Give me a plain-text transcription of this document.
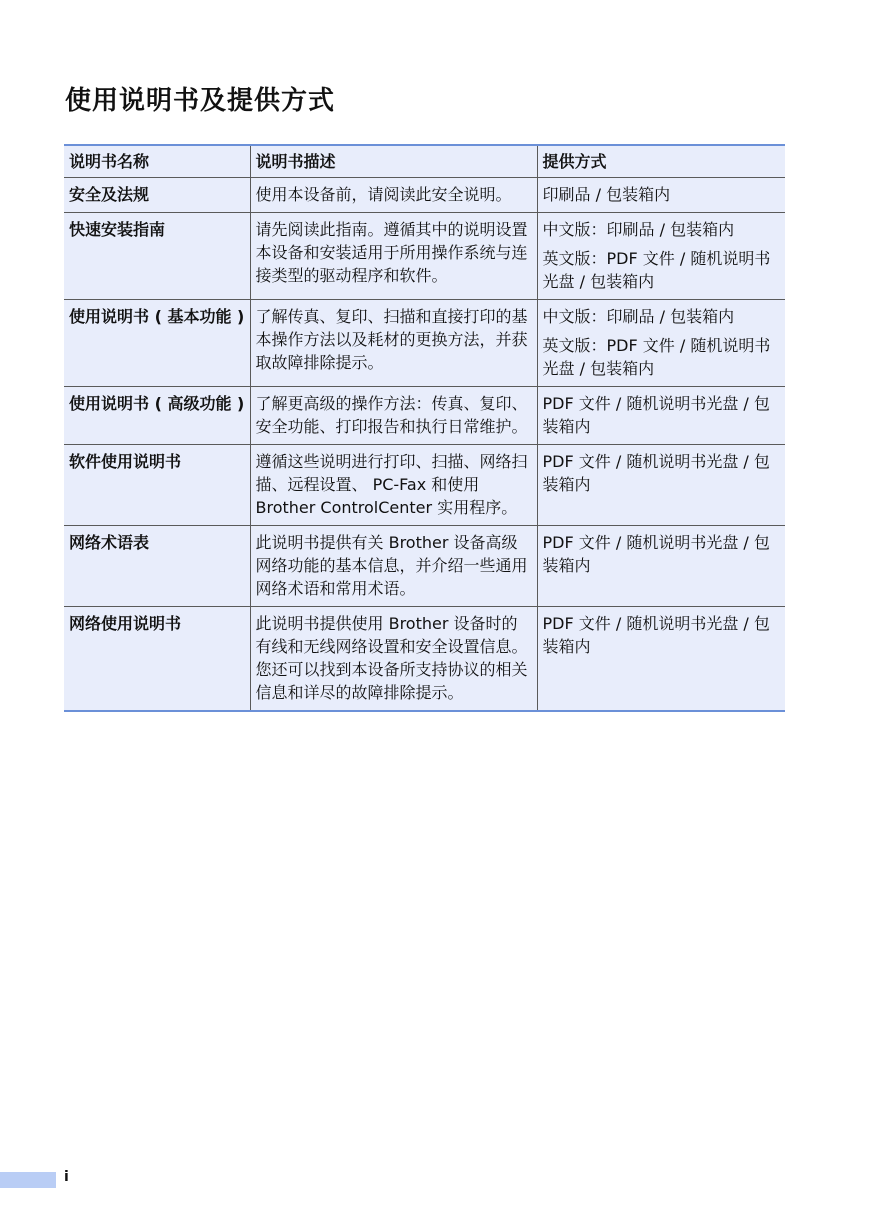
使用说明书及提供方式
说明书名称	说明书描述	提供方式
安全及法规	使用本设备前，请阅读此安全说明。	印刷品 / 包装箱内

快速安装指南	请先阅读此指南。遵循其中的说明设置本设备和安装适用于所用操作系统与连接类型的驱动程序和软件。	中文版：印刷品 / 包装箱内

英文版：PDF 文件 / 随机说明书光盘 / 包装箱内

使用说明书 ( 基本功能 )	了解传真、复印、扫描和直接打印的基本操作方法以及耗材的更换方法，并获取故障排除提示。	中文版：印刷品 / 包装箱内

英文版：PDF 文件 / 随机说明书光盘 / 包装箱内

使用说明书 ( 高级功能 )	了解更高级的操作方法：传真、复印、安全功能、打印报告和执行日常维护。	PDF 文件 / 随机说明书光盘 / 包装箱内

软件使用说明书	遵循这些说明进行打印、扫描、网络扫描、远程设置、 PC-Fax 和使用 Brother ControlCenter 实用程序。	PDF 文件 / 随机说明书光盘 / 包装箱内

网络术语表	此说明书提供有关 Brother 设备高级网络功能的基本信息，并介绍一些通用网络术语和常用术语。	PDF 文件 / 随机说明书光盘 / 包装箱内

网络使用说明书	此说明书提供使用 Brother 设备时的有线和无线网络设置和安全设置信息。您还可以找到本设备所支持协议的相关信息和详尽的故障排除提示。	PDF 文件 / 随机说明书光盘 / 包装箱内

i
